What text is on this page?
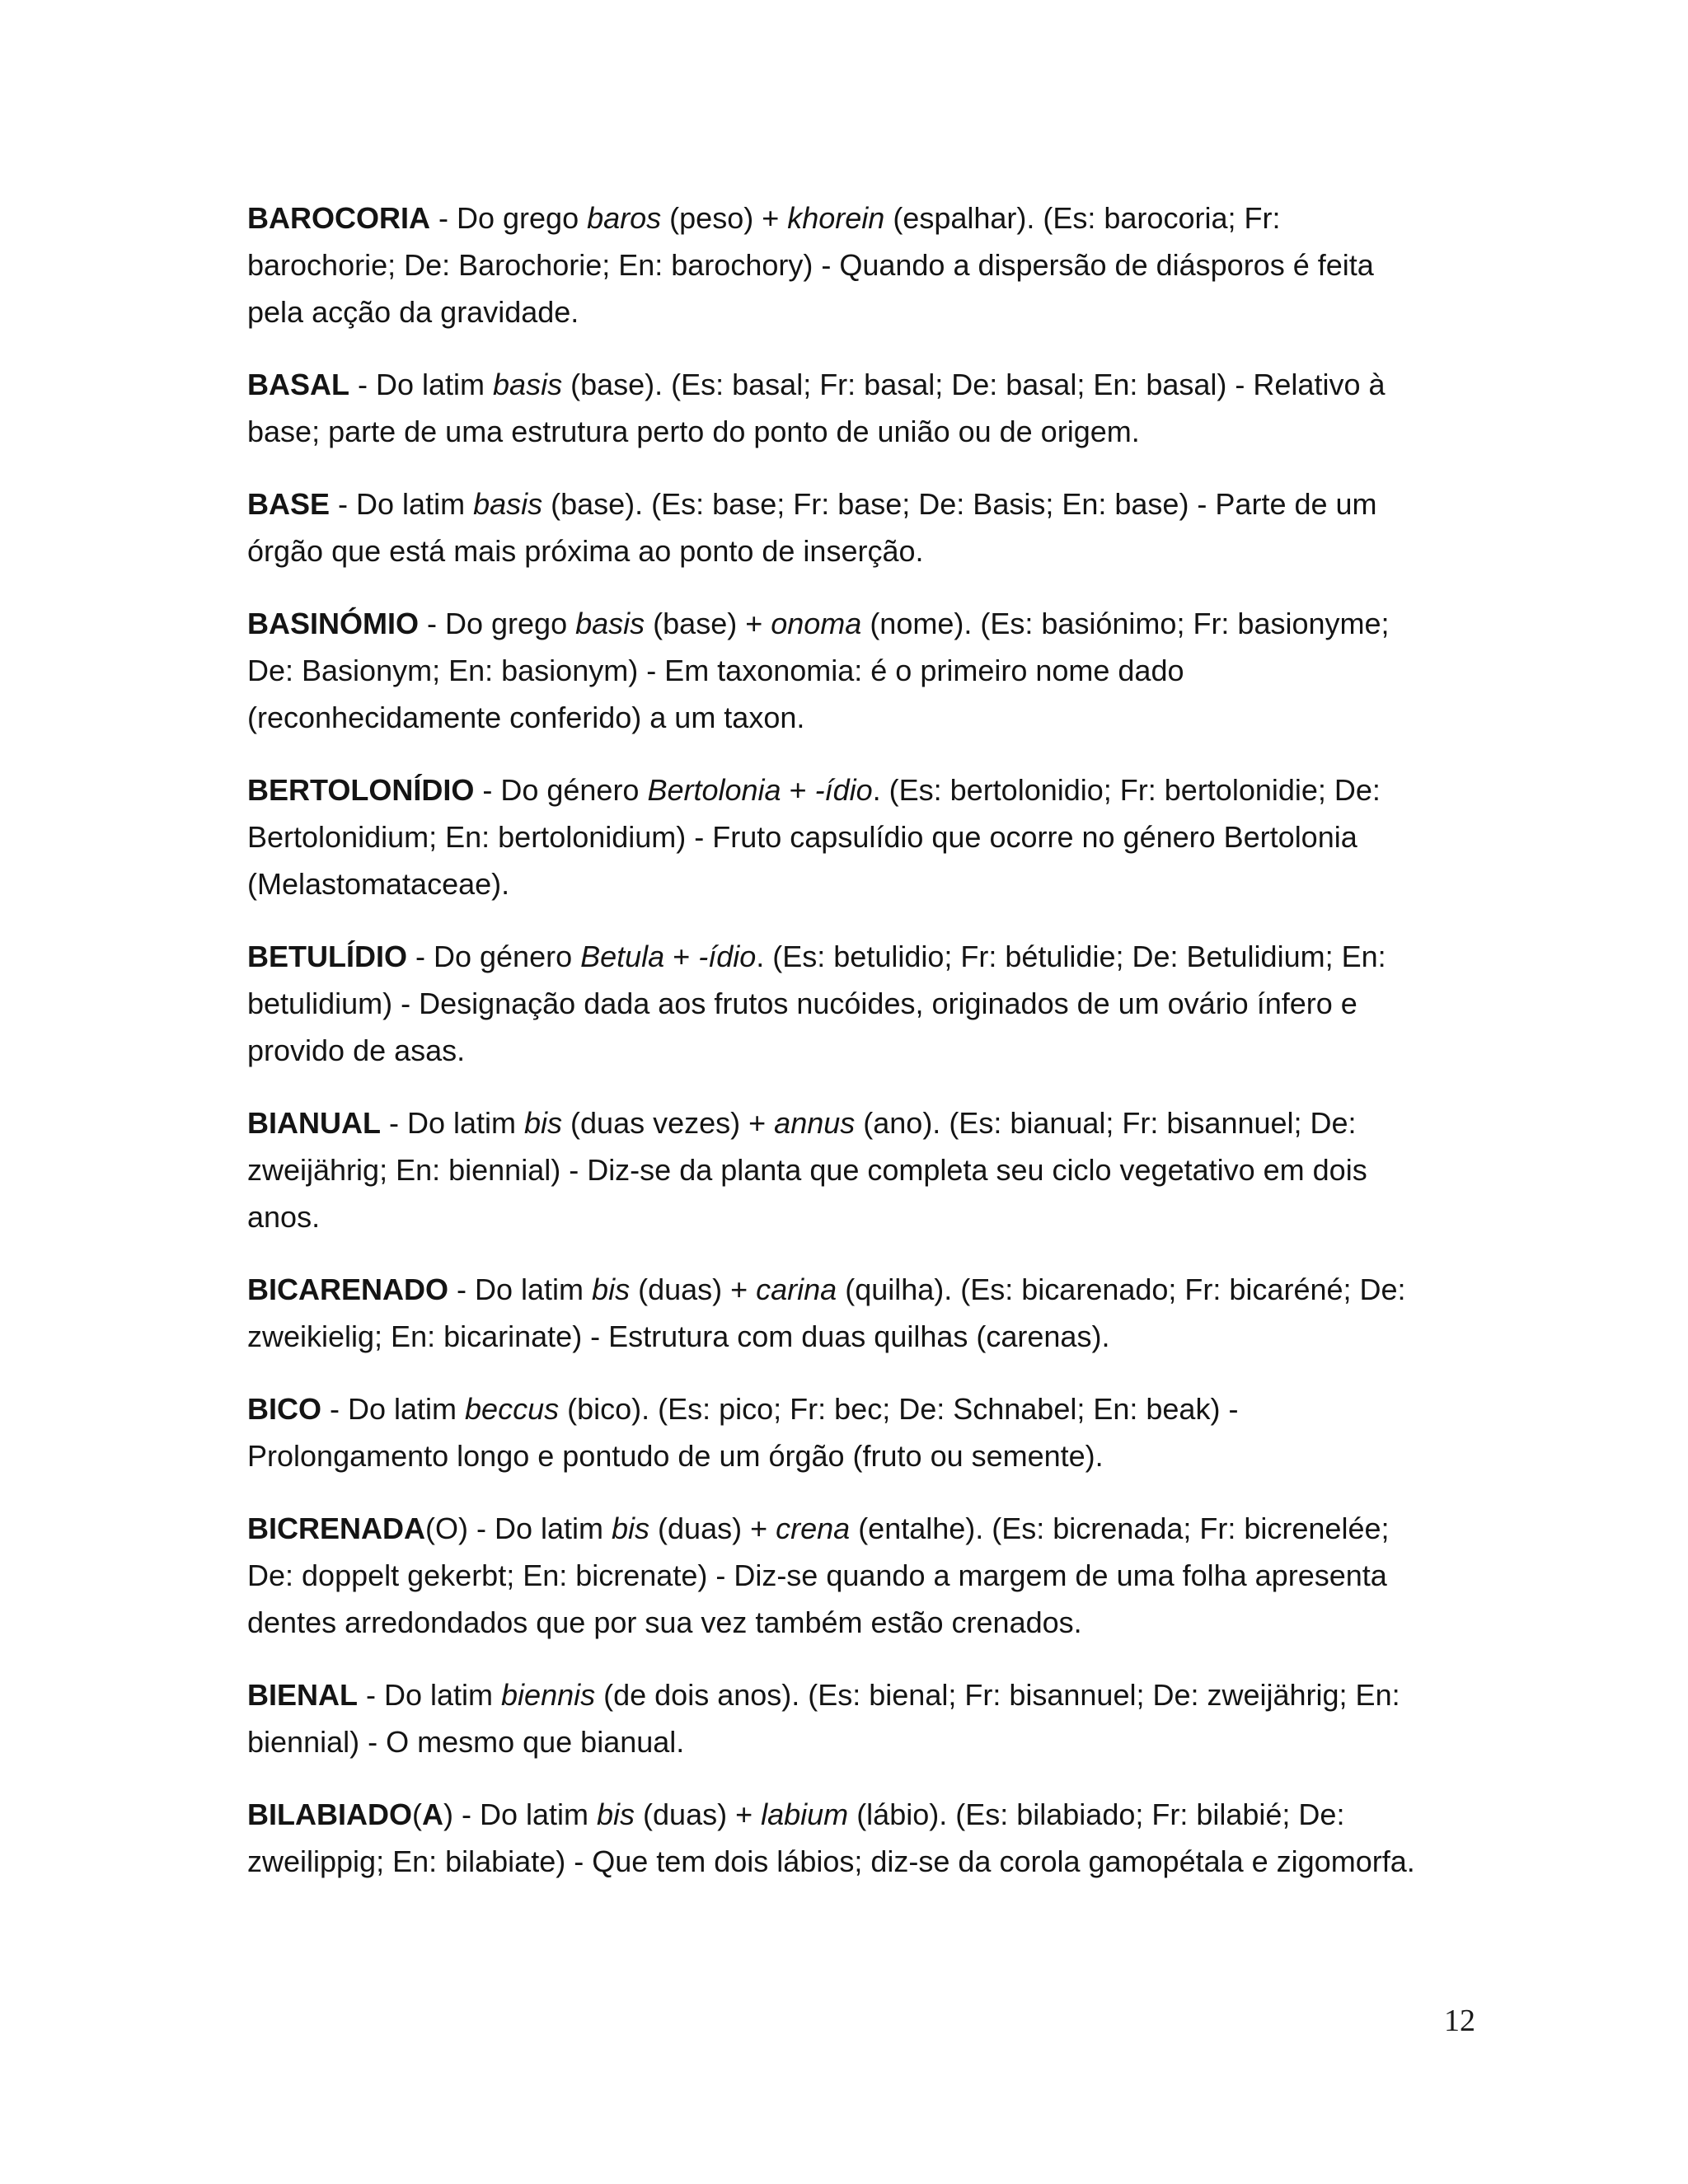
BAROCORIA - Do grego baros (peso) + khorein (espalhar). (Es: barocoria; Fr: barochorie; De: Barochorie; En: barochory) - Quando a dispersão de diásporos é feita pela acção da gravidade.

BASAL - Do latim basis (base). (Es: basal; Fr: basal; De: basal; En: basal) - Relativo à base; parte de uma estrutura perto do ponto de união ou de origem.

BASE - Do latim basis (base). (Es: base; Fr: base; De: Basis; En: base) - Parte de um órgão que está mais próxima ao ponto de inserção.

BASINÓMIO - Do grego basis (base) + onoma (nome). (Es: basiónimo; Fr: basionyme; De: Basionym; En: basionym) - Em taxonomia: é o primeiro nome dado (reconhecidamente conferido) a um taxon.

BERTOLONÍDIO - Do género Bertolonia + -ídio. (Es: bertolonidio; Fr: bertolonidie; De: Bertolonidium; En: bertolonidium) - Fruto capsulídio que ocorre no género Bertolonia (Melastomataceae).

BETULÍDIO - Do género Betula + -ídio. (Es: betulidio; Fr: bétulidie; De: Betulidium; En: betulidium) - Designação dada aos frutos nucóides, originados de um ovário ínfero e provido de asas.

BIANUAL - Do latim bis (duas vezes) + annus (ano). (Es: bianual; Fr: bisannuel; De: zweijährig; En: biennial) - Diz-se da planta que completa seu ciclo vegetativo em dois anos.

BICARENADO - Do latim bis (duas) + carina (quilha). (Es: bicarenado; Fr: bicaréné; De: zweikielig; En: bicarinate) - Estrutura com duas quilhas (carenas).

BICO - Do latim beccus (bico). (Es: pico; Fr: bec; De: Schnabel; En: beak) - Prolongamento longo e pontudo de um órgão (fruto ou semente).

BICRENADA(O) - Do latim bis (duas) + crena (entalhe). (Es: bicrenada; Fr: bicrenelée; De: doppelt gekerbt; En: bicrenate) - Diz-se quando a margem de uma folha apresenta dentes arredondados que por sua vez também estão crenados.

BIENAL - Do latim biennis (de dois anos). (Es: bienal; Fr: bisannuel; De: zweijährig; En: biennial) - O mesmo que bianual.

BILABIADO(A) - Do latim bis (duas) + labium (lábio). (Es: bilabiado; Fr: bilabié; De: zweilippig; En: bilabiate) - Que tem dois lábios; diz-se da corola gamopétala e zigomorfa.

12
